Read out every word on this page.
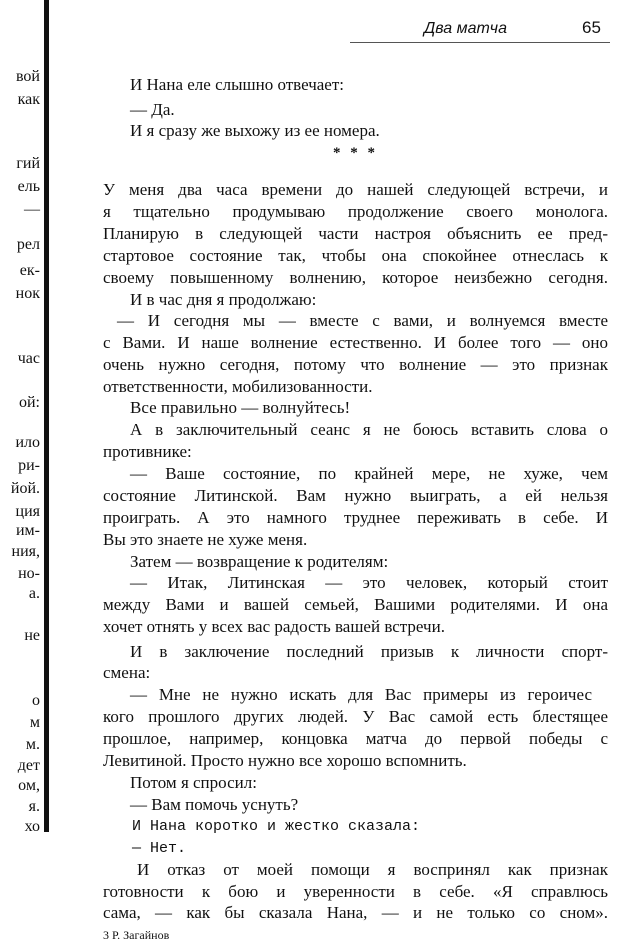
Два матча	65
вой
как
гий
ель
—
рел
ек-
нок
чac
ой:
ило
ри-
йой.
ция
им-
ния,
но-
a.
не
о
м
м.
дет
ом,
я.
хо
И Нана еле слышно отвечает:
— Да.
И я сразу же выхожу из ее номера.
* * *
У меня два часа времени до нашей следующей встречи, и
я тщательно продумываю продолжение своего монолога.
Планирую в следующей части настроя объяснить ее пред-
стартовое состояние так, чтобы она спокойнее отнеслась к
своему повышенному волнению, которое неизбежно сегодня.
И в час дня я продолжаю:
— И сегодня мы — вместе с вами, и волнуемся вместе
с Вами. И наше волнение естественно. И более того — оно
очень нужно сегодня, потому что волнение — это признак
ответственности, мобилизованности.
Все правильно — волнуйтесь!
А в заключительный сеанс я не боюсь вставить слова о
противнике:
— Ваше состояние, по крайней мере, не хуже, чем
состояние Литинской. Вам нужно выиграть, а ей нельзя
проиграть. А это намного труднее переживать в себе. И
Вы это знаете не хуже меня.
Затем — возвращение к родителям:
— Итак, Литинская — это человек, который стоит
между Вами и вашей семьей, Вашими родителями. И она
хочет отнять у всех вас радость вашей встречи.
И в заключение последний призыв к личности спорт-
смена:
— Мне не нужно искать для Вас примеры из героичес
кого прошлого других людей. У Вас самой есть блестящее
прошлое, например, концовка матча до первой победы с
Левитиной. Просто нужно все хорошо вспомнить.
Потом я спросил:
— Вам помочь уснуть?
И Нана коротко и жестко сказала:
— Нет.
И отказ от моей помощи я воспринял как признак
готовности к бою и уверенности в себе. «Я справлюсь
сама, — как бы сказала Нана, — и не только со сном».
3 Р. Загайнов
